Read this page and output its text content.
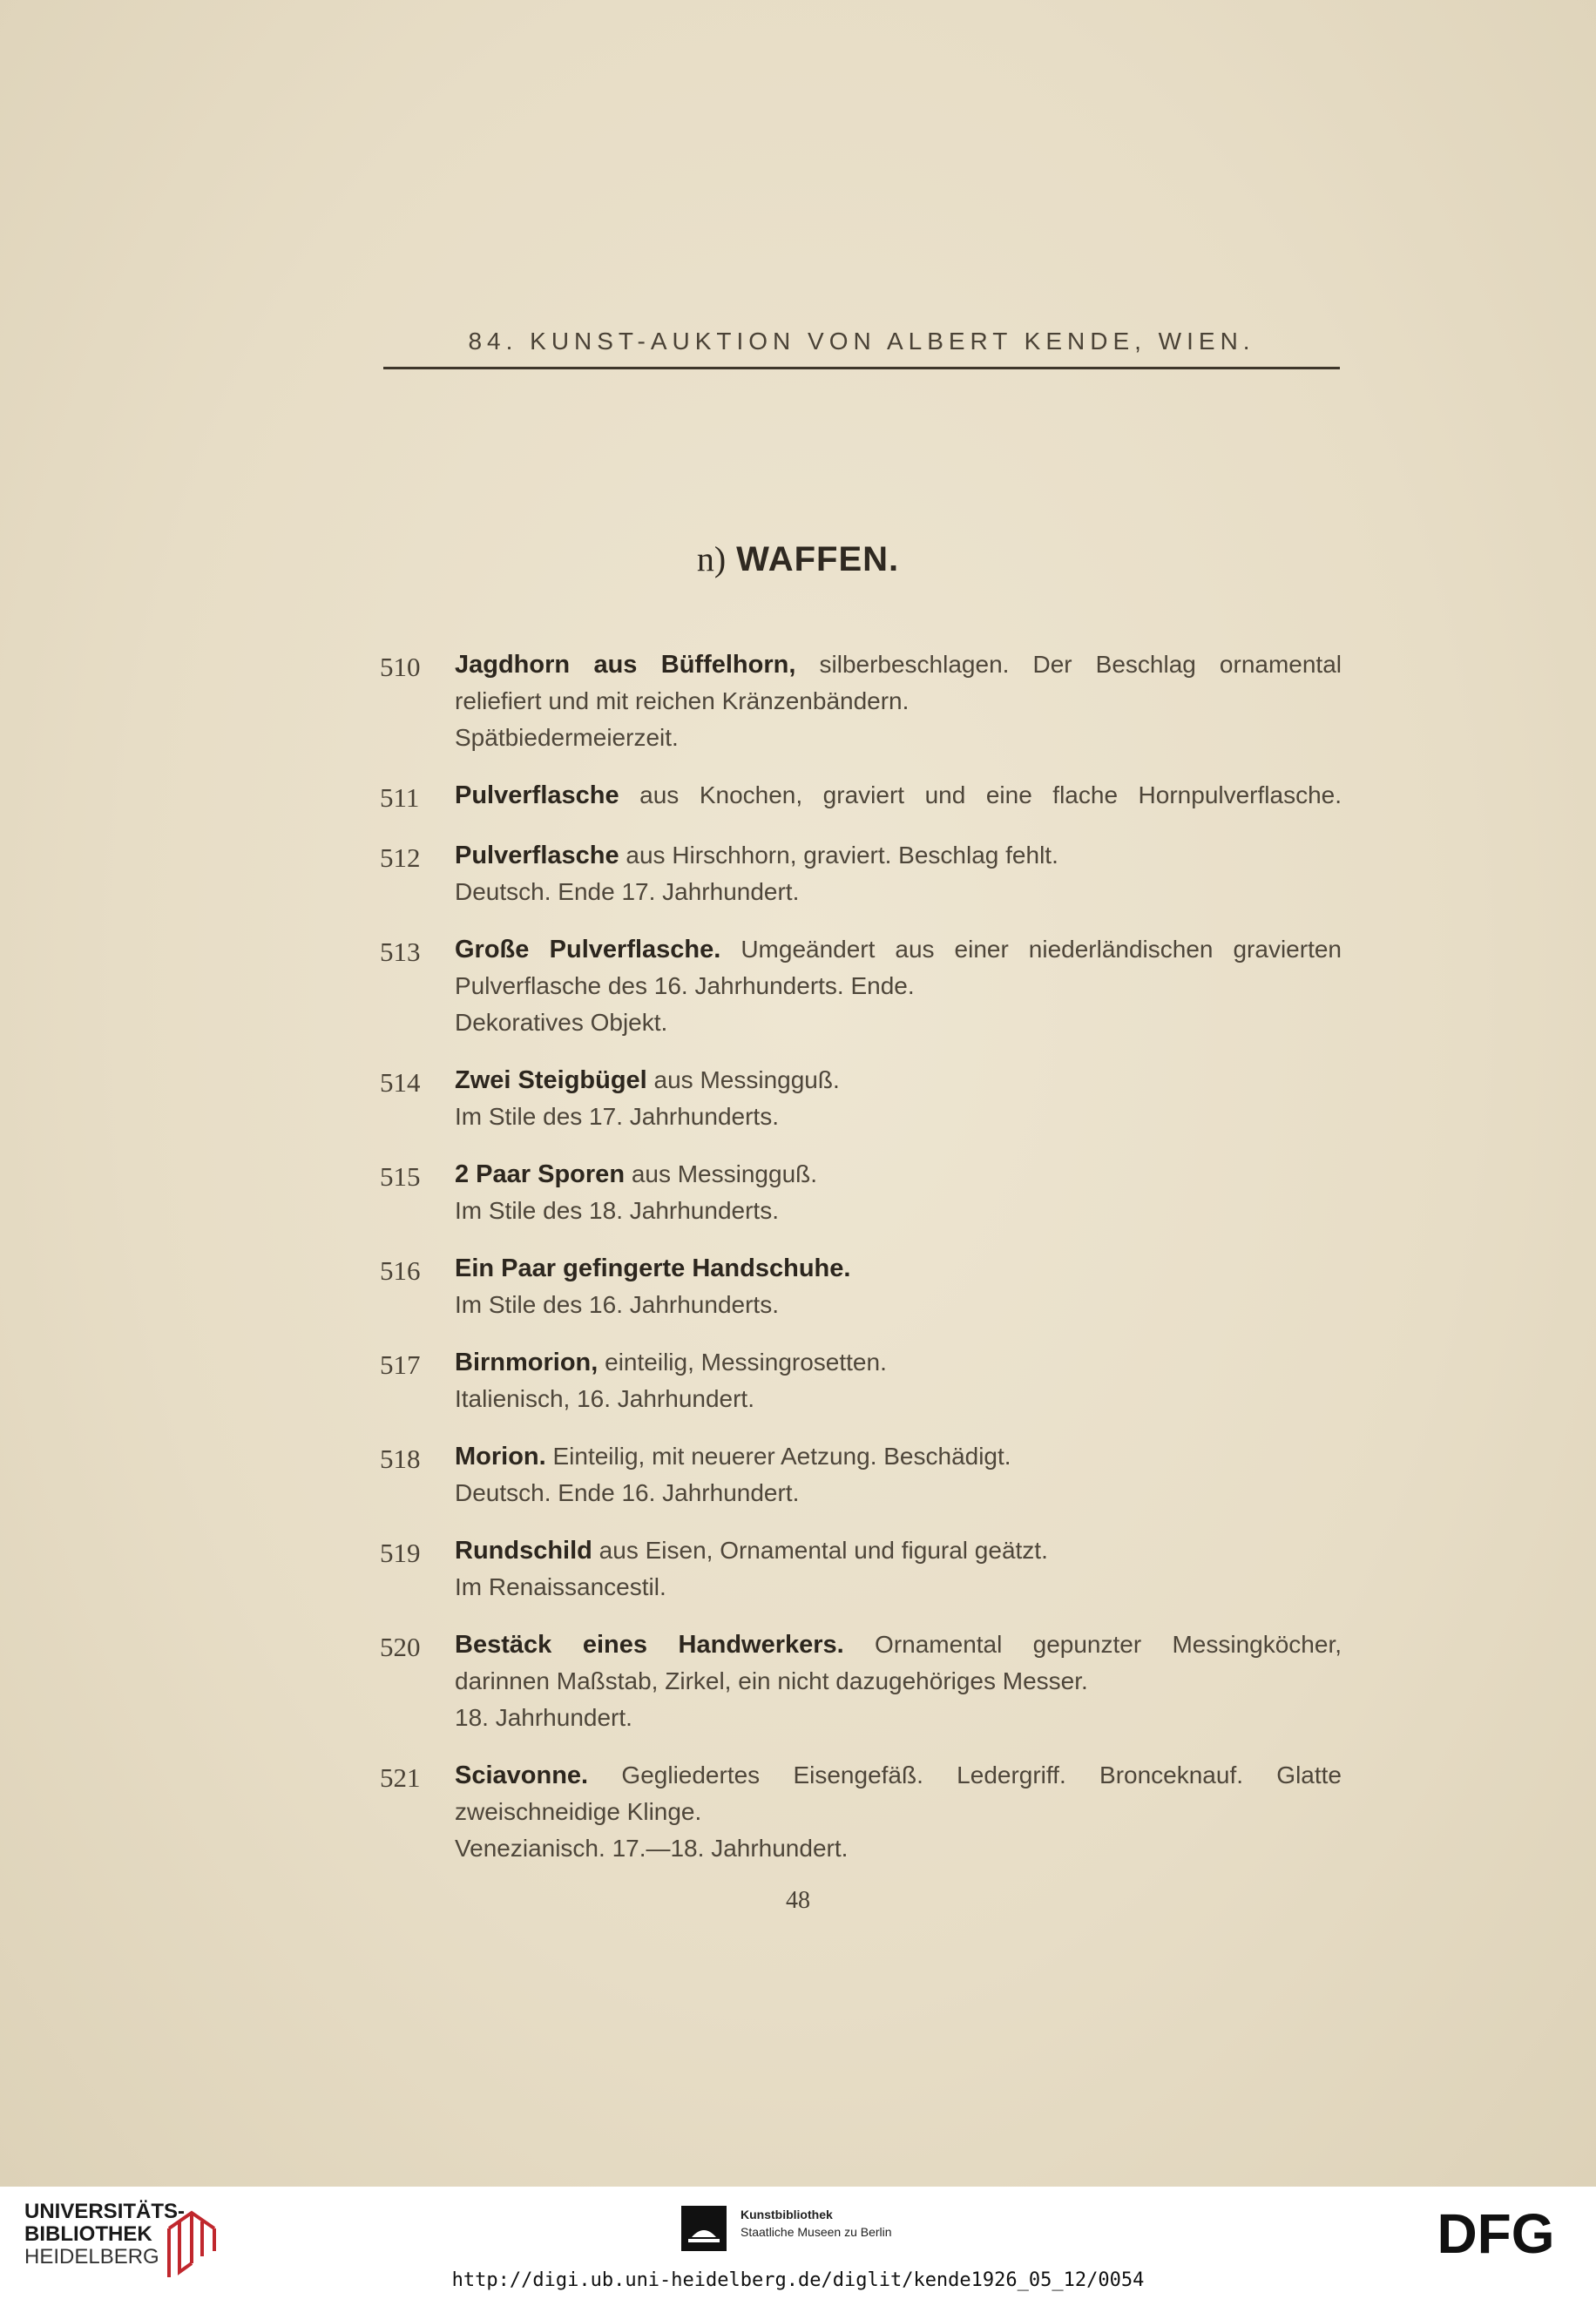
84. KUNST-AUKTION VON ALBERT KENDE, WIEN.
n) WAFFEN.
510	Jagdhorn aus Büffelhorn, silberbeschlagen. Der Beschlag ornamental
reliefiert und mit reichen Kränzenbändern.
Spätbiedermeierzeit.
511	Pulverflasche aus Knochen, graviert und eine flache Hornpulverflasche.
512	Pulverflasche aus Hirschhorn, graviert. Beschlag fehlt.
Deutsch. Ende 17. Jahrhundert.
513	Große Pulverflasche. Umgeändert aus einer niederländischen gravierten
Pulverflasche des 16. Jahrhunderts. Ende.
Dekoratives Objekt.
514	Zwei Steigbügel aus Messingguß.
Im Stile des 17. Jahrhunderts.
515	2 Paar Sporen aus Messingguß.
Im Stile des 18. Jahrhunderts.
516	Ein Paar gefingerte Handschuhe.
Im Stile des 16. Jahrhunderts.
517	Birnmorion, einteilig, Messingrosetten.
Italienisch, 16. Jahrhundert.
518	Morion. Einteilig, mit neuerer Aetzung. Beschädigt.
Deutsch. Ende 16. Jahrhundert.
519	Rundschild aus Eisen, Ornamental und figural geätzt.
Im Renaissancestil.
520	Bestäck eines Handwerkers. Ornamental gepunzter Messingköcher,
darinnen Maßstab, Zirkel, ein nicht dazugehöriges Messer.
18. Jahrhundert.
521	Sciavonne. Gegliedertes Eisengefäß. Ledergriff. Bronceknauf. Glatte
zweischneidige Klinge.
Venezianisch. 17.—18. Jahrhundert.
48
UNIVERSITÄTS-
BIBLIOTHEK
HEIDELBERG
Kunstbibliothek
Staatliche Museen zu Berlin	DFG
http://digi.ub.uni-heidelberg.de/diglit/kende1926_05_12/0054
